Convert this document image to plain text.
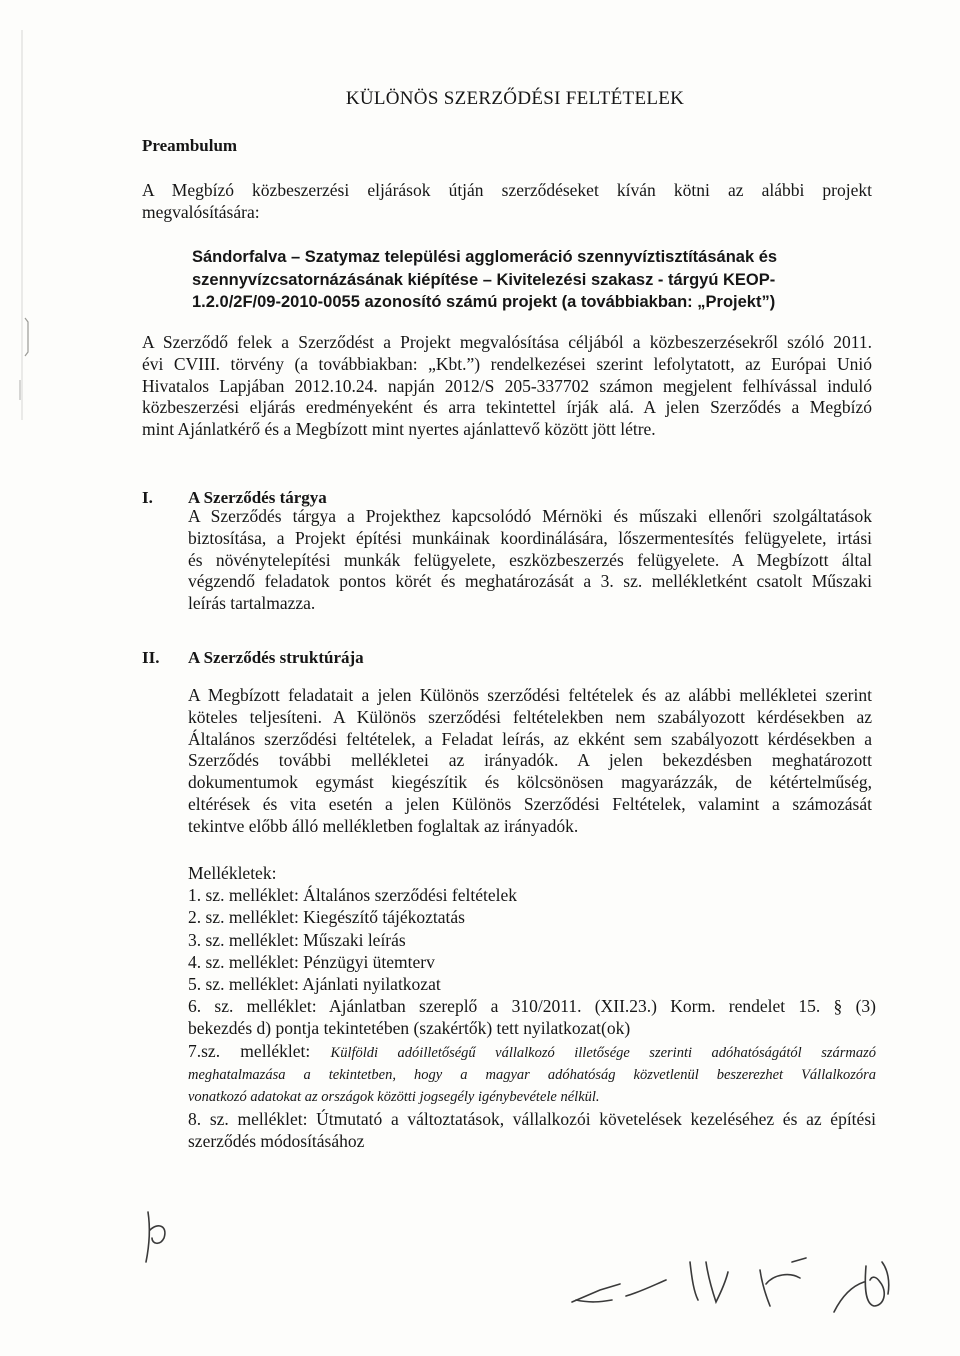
KÜLÖNÖS SZERZŐDÉSI FELTÉTELEK
Preambulum
A Megbízó közbeszerzési eljárások útján szerződéseket kíván kötni az alábbi projekt
megvalósítására:
Sándorfalva – Szatymaz települési agglomeráció szennyvíztisztításának és
szennyvízcsatornázásának kiépítése – Kivitelezési szakasz - tárgyú KEOP-
1.2.0/2F/09-2010-0055 azonosító számú projekt (a továbbiakban: „Projekt”)
A Szerződő felek a Szerződést a Projekt megvalósítása céljából a közbeszerzésekről szóló 2011.
évi CVIII. törvény (a továbbiakban: „Kbt.”) rendelkezései szerint lefolytatott, az Európai Unió
Hivatalos Lapjában 2012.10.24. napján 2012/S 205-337702 számon megjelent felhívással induló
közbeszerzési eljárás eredményeként és arra tekintettel írják alá. A jelen Szerződés a Megbízó
mint Ajánlatkérő és a Megbízott mint nyertes ajánlattevő között jött létre.
I. A Szerződés tárgya
A Szerződés tárgya a Projekthez kapcsolódó Mérnöki és műszaki ellenőri szolgáltatások
biztosítása, a Projekt építési munkáinak koordinálására, lőszermentesítés felügyelete, irtási
és növénytelepítési munkák felügyelete, eszközbeszerzés felügyelete. A Megbízott által
végzendő feladatok pontos körét és meghatározását a 3. sz. mellékletként csatolt Műszaki
leírás tartalmazza.
II. A Szerződés struktúrája
A Megbízott feladatait a jelen Különös szerződési feltételek és az alábbi mellékletei szerint
köteles teljesíteni. A Különös szerződési feltételekben nem szabályozott kérdésekben az
Általános szerződési feltételek, a Feladat leírás, az ekként sem szabályozott kérdésekben a
Szerződés további mellékletei az irányadók. A jelen bekezdésben meghatározott
dokumentumok egymást kiegészítik és kölcsönösen magyarázzák, de kétértelműség,
eltérések és vita esetén a jelen Különös Szerződési Feltételek, valamint a számozását
tekintve előbb álló mellékletben foglaltak az irányadók.
Mellékletek:
1. sz. melléklet: Általános szerződési feltételek
2. sz. melléklet: Kiegészítő tájékoztatás
3. sz. melléklet: Műszaki leírás
4. sz. melléklet: Pénzügyi ütemterv
5. sz. melléklet: Ajánlati nyilatkozat
6. sz. melléklet: Ajánlatban szereplő a 310/2011. (XII.23.) Korm. rendelet 15. § (3)
bekezdés d) pontja tekintetében (szakértők) tett nyilatkozat(ok)
7.sz. melléklet: Külföldi adóilletőségű vállalkozó illetősége szerinti adóhatóságától származó
meghatalmazása a tekintetben, hogy a magyar adóhatóság közvetlenül beszerezhet Vállalkozóra
vonatkozó adatokat az országok közötti jogsegély igénybevétele nélkül.
8. sz. melléklet: Útmutató a változtatások, vállalkozói követelések kezeléséhez és az építési
szerződés módosításához
